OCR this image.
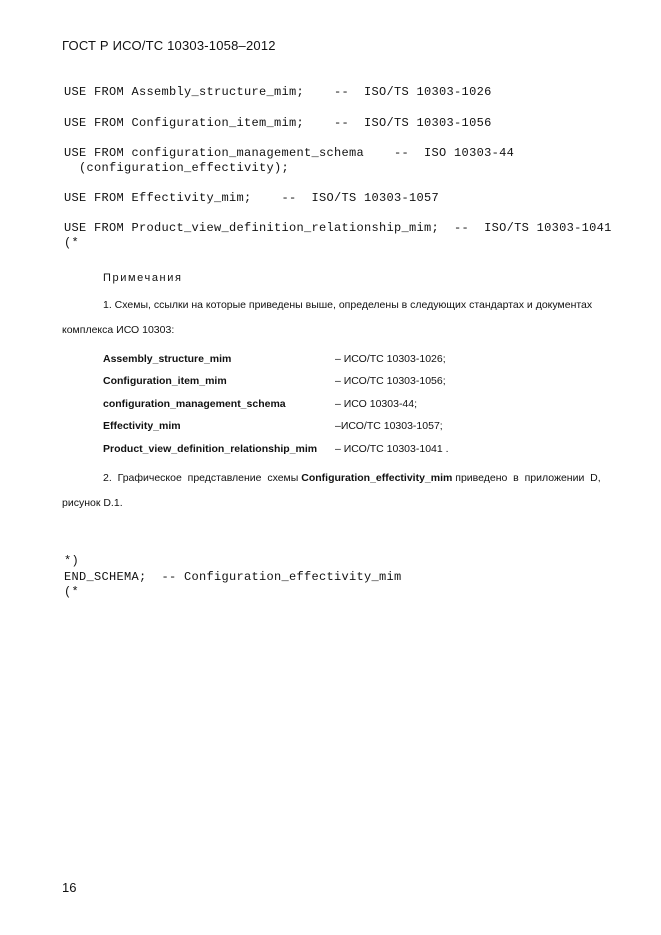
ГОСТ Р ИСО/ТС 10303-1058–2012
USE FROM Assembly_structure_mim;    --  ISO/TS 10303-1026
USE FROM Configuration_item_mim;    --  ISO/TS 10303-1056
USE FROM configuration_management_schema    --  ISO 10303-44
(configuration_effectivity);
USE FROM Effectivity_mim;    --  ISO/TS 10303-1057
USE FROM Product_view_definition_relationship_mim;  --  ISO/TS 10303-1041
(*
Примечания
1. Схемы, ссылки на которые приведены выше, определены в следующих стандартах и документах
комплекса ИСО 10303:
Assembly_structure_mim	– ИСО/ТС 10303-1026;
Configuration_item_mim	– ИСО/ТС 10303-1056;
configuration_management_schema	– ИСО 10303-44;
Effectivity_mim	–ИСО/ТС 10303-1057;
Product_view_definition_relationship_mim – ИСО/ТС 10303-1041 .
2.  Графическое  представление  схемы Configuration_effectivity_mim приведено  в  приложении  D,
рисунок D.1.
*)
END_SCHEMA;  -- Configuration_effectivity_mim
(*
16
